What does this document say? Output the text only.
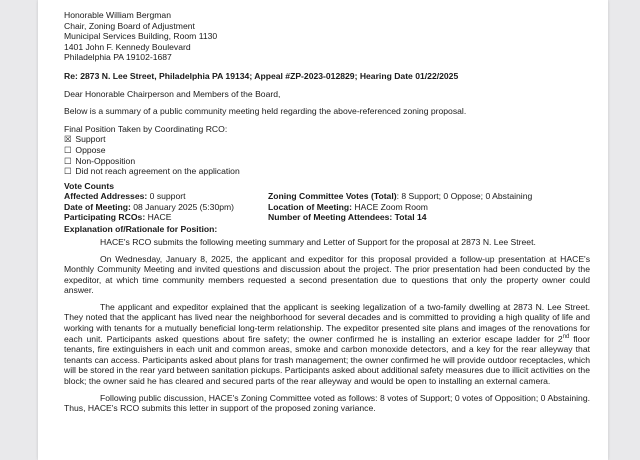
Honorable William Bergman
Chair, Zoning Board of Adjustment
Municipal Services Building, Room 1130
1401 John F. Kennedy Boulevard
Philadelphia PA 19102-1687
Re: 2873 N. Lee Street, Philadelphia PA 19134; Appeal #ZP-2023-012829; Hearing Date 01/22/2025
Dear Honorable Chairperson and Members of the Board,
Below is a summary of a public community meeting held regarding the above-referenced zoning proposal.
Final Position Taken by Coordinating RCO:
☒ Support
☐ Oppose
☐ Non-Opposition
☐ Did not reach agreement on the application
Vote Counts
Affected Addresses: 0 support	Zoning Committee Votes (Total): 8 Support; 0 Oppose; 0 Abstaining
Date of Meeting: 08 January 2025 (5:30pm)	Location of Meeting: HACE Zoom Room
Participating RCOs: HACE	Number of Meeting Attendees: Total 14
Explanation of/Rationale for Position:
HACE's RCO submits the following meeting summary and Letter of Support for the proposal at 2873 N. Lee Street.
On Wednesday, January 8, 2025, the applicant and expeditor for this proposal provided a follow-up presentation at HACE's Monthly Community Meeting and invited questions and discussion about the project. The prior presentation had been conducted by the expeditor, at which time community members requested a second presentation due to questions that only the property owner could answer.
The applicant and expeditor explained that the applicant is seeking legalization of a two-family dwelling at 2873 N. Lee Street. They noted that the applicant has lived near the neighborhood for several decades and is committed to providing a high quality of life and working with tenants for a mutually beneficial long-term relationship. The expeditor presented site plans and images of the renovations for each unit. Participants asked questions about fire safety; the owner confirmed he is installing an exterior escape ladder for 2nd floor tenants, fire extinguishers in each unit and common areas, smoke and carbon monoxide detectors, and a key for the rear alleyway that tenants can access. Participants asked about plans for trash management; the owner confirmed he will provide outdoor receptacles, which will be stored in the rear yard between sanitation pickups. Participants asked about additional safety measures due to illicit activities on the block; the owner said he has cleared and secured parts of the rear alleyway and would be open to installing an external camera.
Following public discussion, HACE's Zoning Committee voted as follows: 8 votes of Support; 0 votes of Opposition; 0 Abstaining. Thus, HACE's RCO submits this letter in support of the proposed zoning variance.
